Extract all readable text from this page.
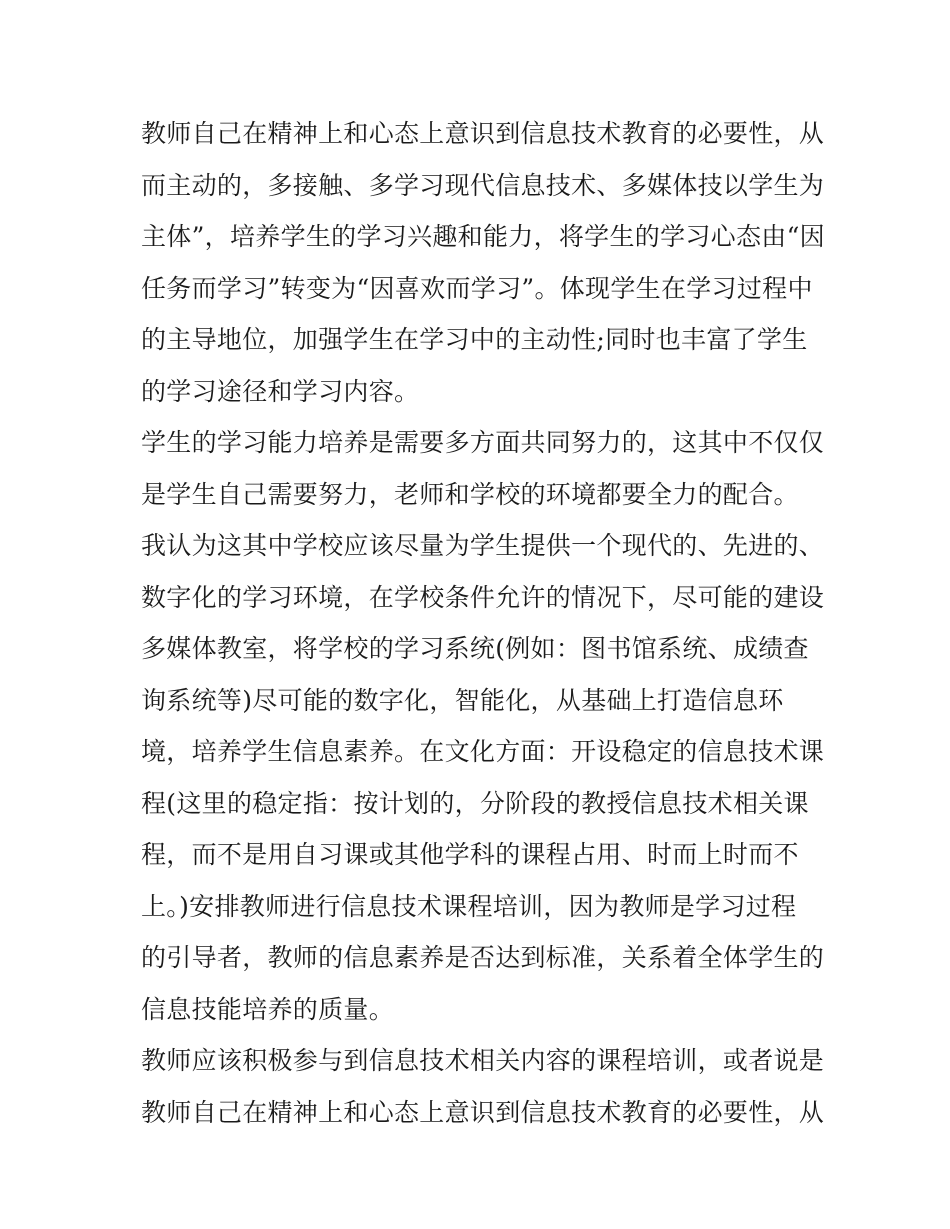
教师自己在精神上和心态上意识到信息技术教育的必要性，从
而主动的，多接触、多学习现代信息技术、多媒体技以学生为
主体”，培养学生的学习兴趣和能力，将学生的学习心态由“因
任务而学习”转变为“因喜欢而学习”。体现学生在学习过程中
的主导地位，加强学生在学习中的主动性;同时也丰富了学生
的学习途径和学习内容。
学生的学习能力培养是需要多方面共同努力的，这其中不仅仅
是学生自己需要努力，老师和学校的环境都要全力的配合。
我认为这其中学校应该尽量为学生提供一个现代的、先进的、
数字化的学习环境，在学校条件允许的情况下，尽可能的建设
多媒体教室，将学校的学习系统(例如：图书馆系统、成绩查
询系统等)尽可能的数字化，智能化，从基础上打造信息环
境，培养学生信息素养。在文化方面：开设稳定的信息技术课
程(这里的稳定指：按计划的，分阶段的教授信息技术相关课
程，而不是用自习课或其他学科的课程占用、时而上时而不
上。)安排教师进行信息技术课程培训，因为教师是学习过程
的引导者，教师的信息素养是否达到标准，关系着全体学生的
信息技能培养的质量。
教师应该积极参与到信息技术相关内容的课程培训，或者说是
教师自己在精神上和心态上意识到信息技术教育的必要性，从
